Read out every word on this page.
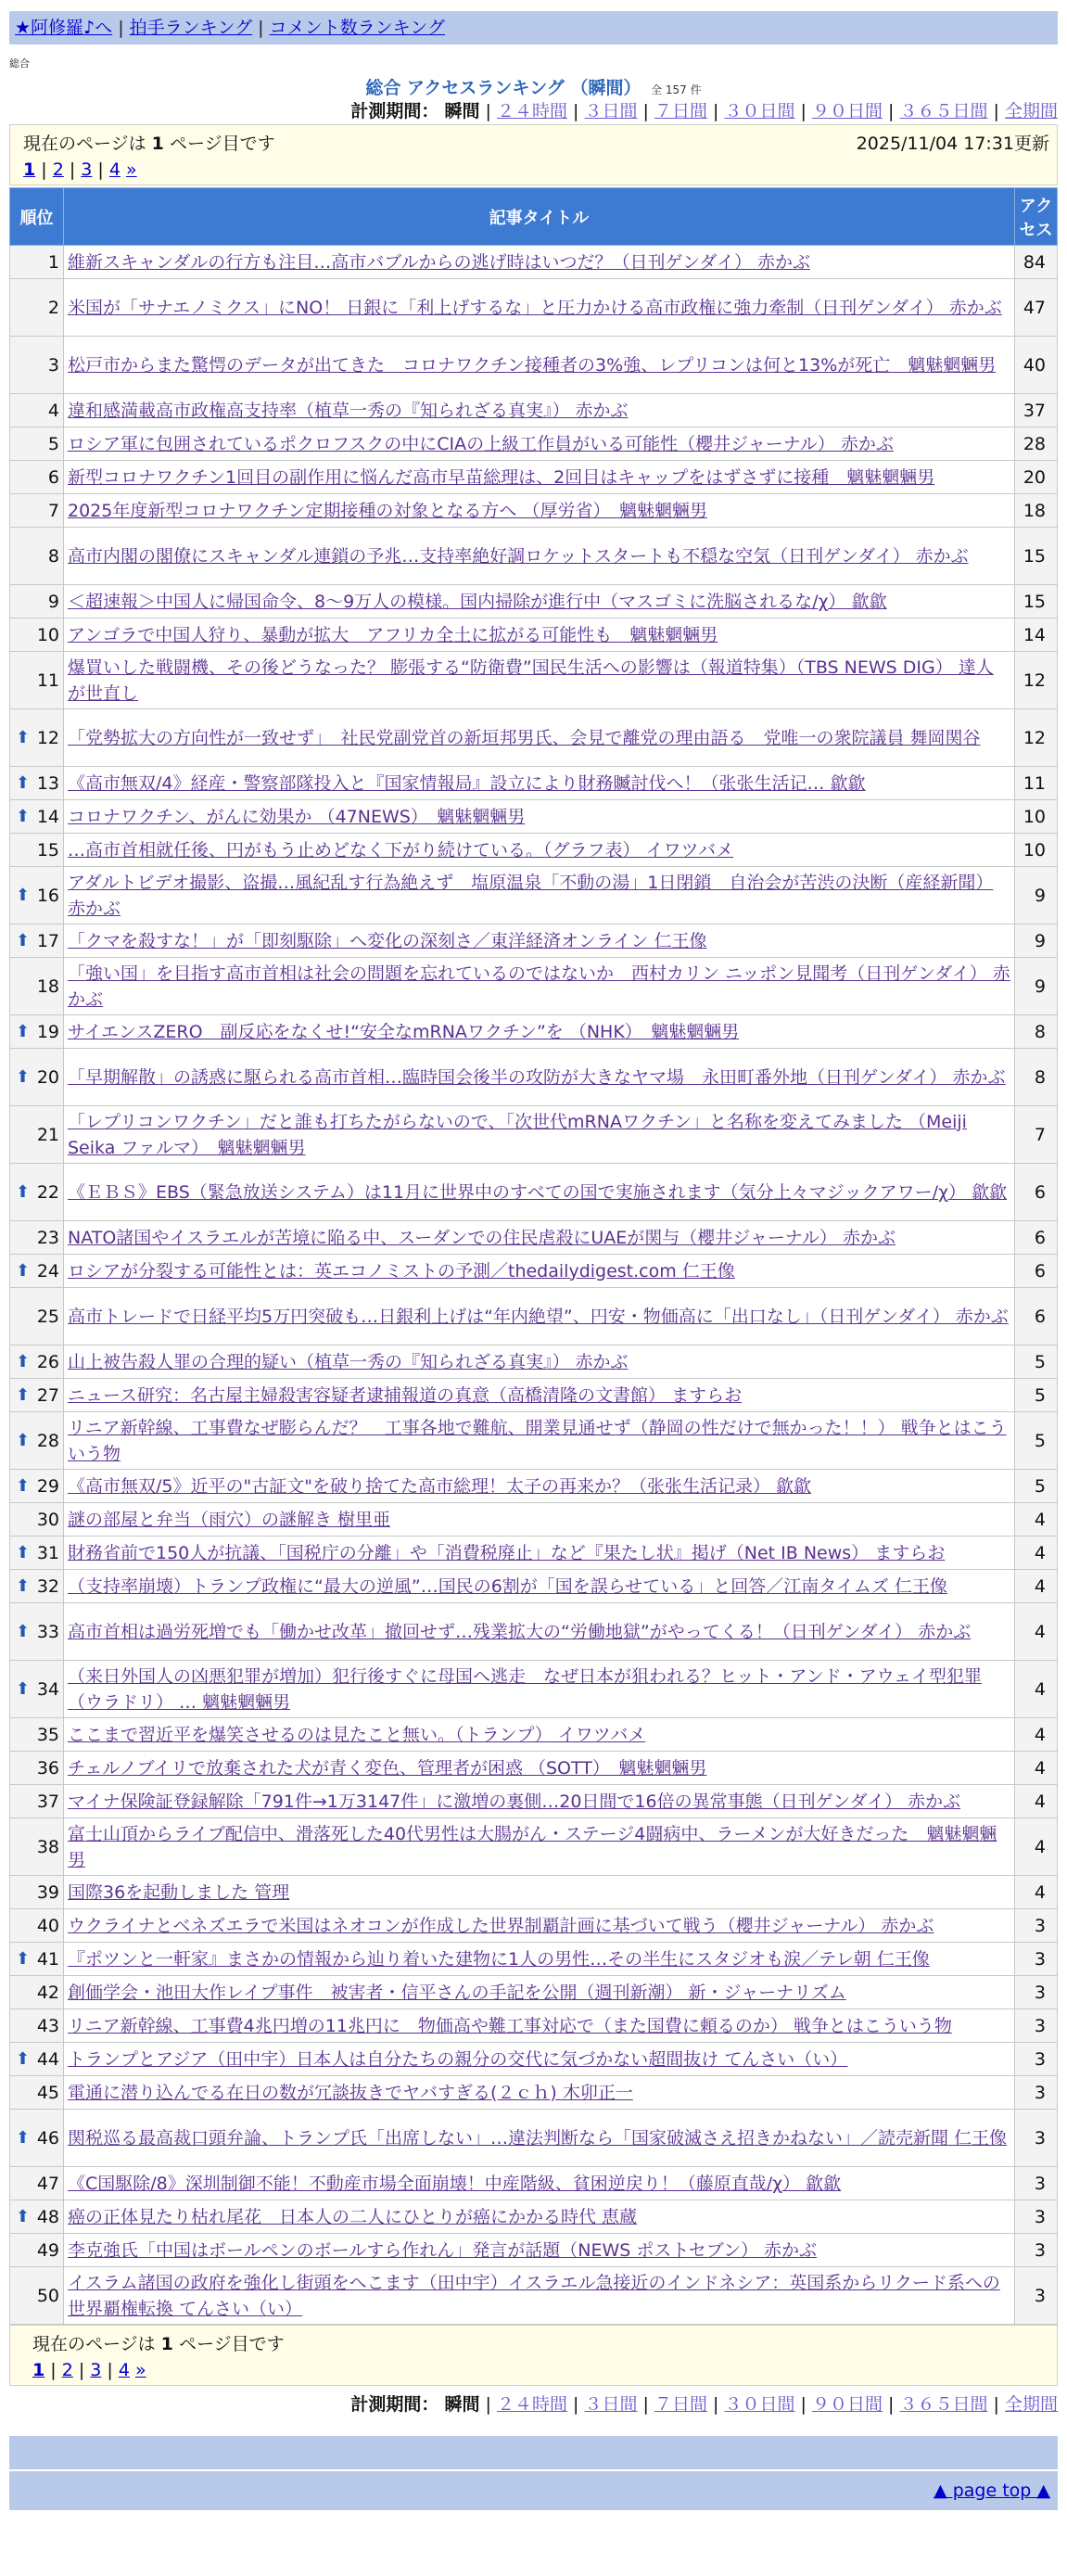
★阿修羅♪へ | 拍手ランキング | コメント数ランキング
総合
総合 アクセスランキング （瞬間） 全 157 件
計測期間： 瞬間 | ２４時間 | ３日間 | ７日間 | ３０日間 | ９０日間 | ３６５日間 | 全期間
現在のページは 1 ページ目です	2025/11/04 17:31更新
1 | 2 | 3 | 4 »
順位	記事タイトル	アクセス
1	維新スキャンダルの行方も注目…高市バブルからの逃げ時はいつだ？（日刊ゲンダイ） 赤かぶ	84
2	米国が「サナエノミクス」にNO！ 日銀に「利上げするな」と圧力かける高市政権に強力牽制（日刊ゲンダイ） 赤かぶ	47
3	松戸市からまた驚愕のデータが出てきた　コロナワクチン接種者の3%強、レプリコンは何と13%が死亡　魑魅魍魎男	40
4	違和感満載高市政権高支持率（植草一秀の『知られざる真実』） 赤かぶ	37
5	ロシア軍に包囲されているポクロフスクの中にCIAの上級工作員がいる可能性（櫻井ジャーナル） 赤かぶ	28
6	新型コロナワクチン1回目の副作用に悩んだ高市早苗総理は、2回目はキャップをはずさずに接種　魑魅魍魎男	20
7	2025年度新型コロナワクチン定期接種の対象となる方へ （厚労省）　魑魅魍魎男	18
8	高市内閣の閣僚にスキャンダル連鎖の予兆…支持率絶好調ロケットスタートも不穏な空気（日刊ゲンダイ） 赤かぶ	15
9	＜超速報＞中国人に帰国命令、8～9万人の模様。国内掃除が進行中（マスゴミに洗脳されるな/χ） 歙歙	15
10	アンゴラで中国人狩り、暴動が拡大　アフリカ全土に拡がる可能性も　魑魅魍魎男	14
11	爆買いした戦闘機、その後どうなった？ 膨張する“防衛費”国民生活への影響は（報道特集）（TBS NEWS DIG） 達人が世直し	12

⬆ 12	「党勢拡大の方向性が一致せず」　社民党副党首の新垣邦男氏、会見で離党の理由語る　党唯一の衆院議員 舞岡関谷	12

⬆ 13	《高市無双/4》経産・警察部隊投入と『国家情報局』設立により財務贓討伐へ！（张张生活记… 歙歙	11

⬆ 14	コロナワクチン、がんに効果か （47NEWS）　魑魅魍魎男	10
15	…高市首相就任後、円がもう止めどなく下がり続けている。（グラフ表） イワツバメ	10

⬆ 16	アダルトビデオ撮影、盗撮…風紀乱す行為絶えず　塩原温泉「不動の湯」1日閉鎖　自治会が苦渋の決断（産経新聞） 赤かぶ	9

⬆ 17	「クマを殺すな！」が「即刻駆除」へ変化の深刻さ／東洋経済オンライン 仁王像	9
18	「強い国」を目指す高市首相は社会の問題を忘れているのではないか　西村カリン ニッポン見聞考（日刊ゲンダイ） 赤かぶ	9

⬆ 19	サイエンスZERO　副反応をなくせ!“安全なmRNAワクチン”を （NHK）　魑魅魍魎男	8

⬆ 20	「早期解散」の誘惑に駆られる高市首相…臨時国会後半の攻防が大きなヤマ場　永田町番外地（日刊ゲンダイ） 赤かぶ	8
21	「レプリコンワクチン」だと誰も打ちたがらないので、「次世代mRNAワクチン」と名称を変えてみました （Meiji Seika ファルマ）　魑魅魍魎男	7

⬆ 22	《ＥＢＳ》EBS（緊急放送システム）は11月に世界中のすべての国で実施されます（気分上々マジックアワー/χ） 歙歙	6
23	NATO諸国やイスラエルが苦境に陥る中、スーダンでの住民虐殺にUAEが関与（櫻井ジャーナル） 赤かぶ	6

⬆ 24	ロシアが分裂する可能性とは：英エコノミストの予測／thedailydigest.com 仁王像	6
25	高市トレードで日経平均5万円突破も…日銀利上げは“年内絶望”、円安・物価高に「出口なし」（日刊ゲンダイ） 赤かぶ	6

⬆ 26	山上被告殺人罪の合理的疑い（植草一秀の『知られざる真実』） 赤かぶ	5

⬆ 27	ニュース研究：名古屋主婦殺害容疑者逮捕報道の真意（高橋清隆の文書館） ますらお	5

⬆ 28	リニア新幹線、工事費なぜ膨らんだ？　工事各地で難航、開業見通せず（静岡の性だけで無かった！！） 戦争とはこういう物	5

⬆ 29	《高市無双/5》近平の"古証文"を破り捨てた高市総理！太子の再来か？（张张生活记录） 歙歙	5
30	謎の部屋と弁当（雨穴）の謎解き 樹里亜	4

⬆ 31	財務省前で150人が抗議、「国税庁の分離」や「消費税廃止」など『果たし状』掲げ（Net IB News） ますらお	4

⬆ 32	（支持率崩壊）トランプ政権に“最大の逆風”…国民の6割が「国を誤らせている」と回答／江南タイムズ 仁王像	4

⬆ 33	高市首相は過労死増でも「働かせ改革」撤回せず…残業拡大の“労働地獄”がやってくる！（日刊ゲンダイ） 赤かぶ	4

⬆ 34	（来日外国人の凶悪犯罪が増加）犯行後すぐに母国へ逃走　なぜ日本が狙われる？ヒット・アンド・アウェイ型犯罪（ウラドリ） … 魑魅魍魎男	4
35	ここまで習近平を爆笑させるのは見たこと無い。（トランプ） イワツバメ	4
36	チェルノブイリで放棄された犬が青く変色、管理者が困惑 （SOTT）　魑魅魍魎男	4
37	マイナ保険証登録解除「791件→1万3147件」に激増の裏側…20日間で16倍の異常事態（日刊ゲンダイ） 赤かぶ	4
38	富士山頂からライブ配信中、滑落死した40代男性は大腸がん・ステージ4闘病中、ラーメンが大好きだった　魑魅魍魎男	4
39	国際36を起動しました 管理	4
40	ウクライナとベネズエラで米国はネオコンが作成した世界制覇計画に基づいて戦う（櫻井ジャーナル） 赤かぶ	3

⬆ 41	『ポツンと一軒家』まさかの情報から辿り着いた建物に1人の男性…その半生にスタジオも涙／テレ朝 仁王像	3
42	創価学会・池田大作レイプ事件　被害者・信平さんの手記を公開（週刊新潮） 新・ジャーナリズム	3
43	リニア新幹線、工事費4兆円増の11兆円に　物価高や難工事対応で（また国費に頼るのか） 戦争とはこういう物	3

⬆ 44	トランプとアジア（田中宇）日本人は自分たちの親分の交代に気づかない超間抜け てんさい（い）	3
45	電通に潜り込んでる在日の数が冗談抜きでヤバすぎる(２ｃｈ) 木卯正一	3

⬆ 46	関税巡る最高裁口頭弁論、トランプ氏「出席しない」…違法判断なら「国家破滅さえ招きかねない」／読売新聞 仁王像	3
47	《C国駆除/8》深圳制御不能！不動産市場全面崩壊！中産階級、貧困逆戻り！（藤原直哉/χ） 歙歙	3

⬆ 48	癌の正体見たり枯れ尾花　日本人の二人にひとりが癌にかかる時代 恵蔵	3
49	李克強氏「中国はボールペンのボールすら作れん」発言が話題（NEWS ポストセブン） 赤かぶ	3
50	イスラム諸国の政府を強化し街頭をへこます（田中宇）イスラエル急接近のインドネシア：英国系からリクード系への世界覇権転換 てんさい（い）	3
現在のページは 1 ページ目です
1 | 2 | 3 | 4 »
計測期間： 瞬間 | ２４時間 | ３日間 | ７日間 | ３０日間 | ９０日間 | ３６５日間 | 全期間
▲ page top ▲
